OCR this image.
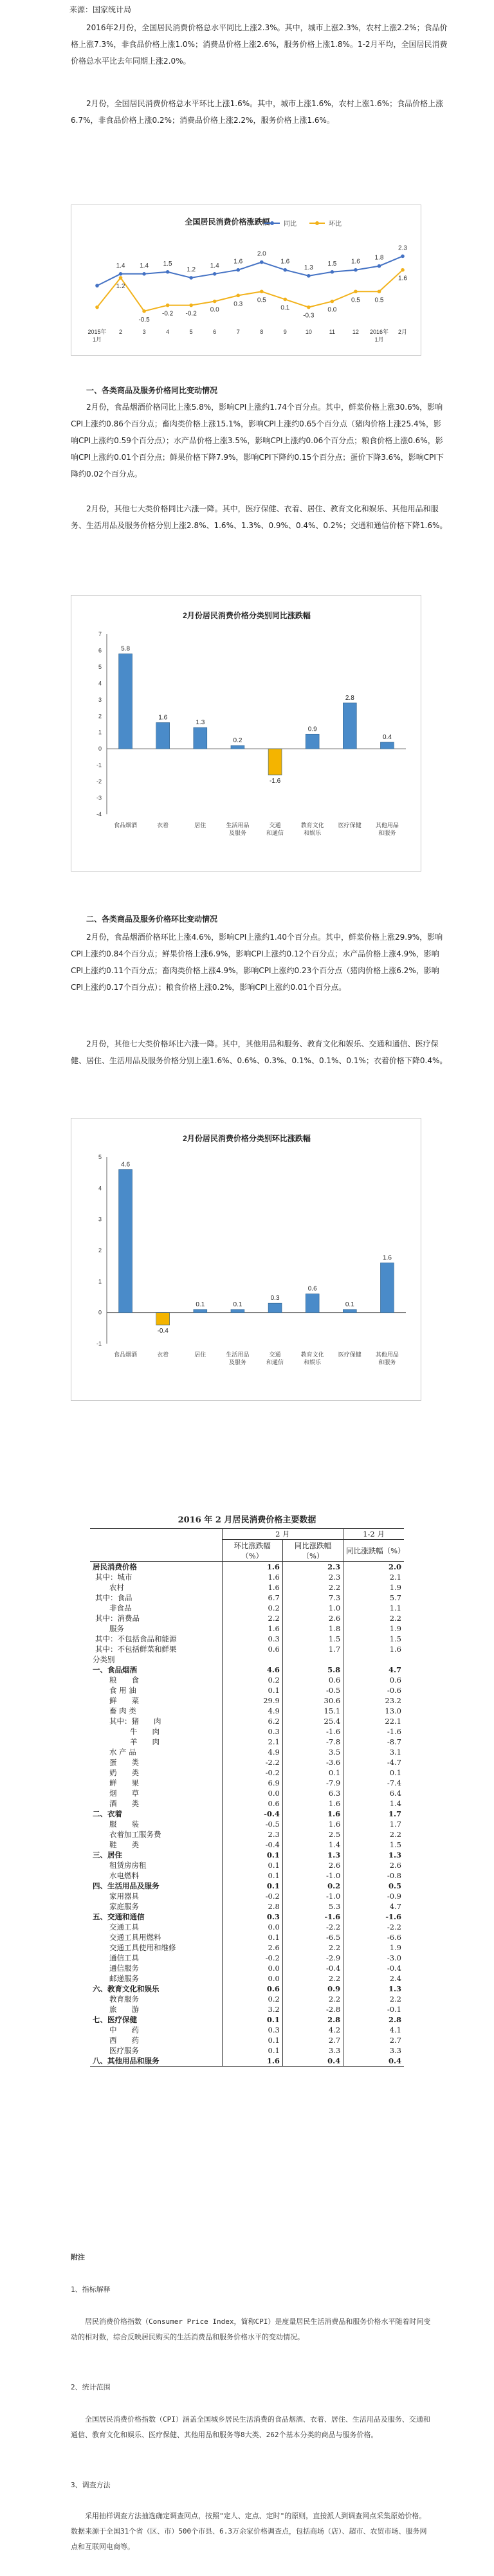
来源：国家统计局

2016年2月份，全国居民消费价格总水平同比上涨2.3%。其中，城市上涨2.3%，农村上涨2.2%；食品价格上涨7.3%，非食品价格上涨1.0%；消费品价格上涨2.6%，服务价格上涨1.8%。1-2月平均，全国居民消费价格总水平比去年同期上涨2.0%。

2月份，全国居民消费价格总水平环比上涨1.6%。其中，城市上涨1.6%，农村上涨1.6%；食品价格上涨6.7%，非食品价格上涨0.2%；消费品价格上涨2.2%，服务价格上涨1.6%。

全国居民消费价格涨跌幅 同比	环比
2015年
1月
2	3	4	5	6	7	8	9	10	11	12 2016年
1月
2月
1.4 1.4 1.5
1.2
1.4
1.6
2.0
1.6
1.3
1.5 1.6
1.8
2.3
1.2
-0.5
-0.2 -0.2
0.0
0.3
0.5
0.1
-0.3
0.0
0.5 0.5
1.6
一、各类商品及服务价格同比变动情况

2月份，食品烟酒价格同比上涨5.8%，影响CPI上涨约1.74个百分点。其中，鲜菜价格上涨30.6%，影响CPI上涨约0.86个百分点；畜肉类价格上涨15.1%，影响CPI上涨约0.65个百分点（猪肉价格上涨25.4%，影响CPI上涨约0.59个百分点）；水产品价格上涨3.5%，影响CPI上涨约0.06个百分点；粮食价格上涨0.6%，影响CPI上涨约0.01个百分点；鲜果价格下降7.9%，影响CPI下降约0.15个百分点；蛋价下降3.6%，影响CPI下降约0.02个百分点。

2月份，其他七大类价格同比六涨一降。其中，医疗保健、衣着、居住、教育文化和娱乐、其他用品和服务、生活用品及服务价格分别上涨2.8%、1.6%、1.3%、0.9%、0.4%、0.2%；交通和通信价格下降1.6%。

2月份居民消费价格分类别同比涨跌幅
-4
-3
-2
-1
0
1
2
3
4
5
6
7
5.8
食品烟酒
1.6
衣着
1.3
居住
0.2
生活用品
及服务
-1.6
交通
和通信
0.9
教育文化
和娱乐
2.8
医疗保健
0.4
其他用品
和服务
二、各类商品及服务价格环比变动情况

2月份，食品烟酒价格环比上涨4.6%，影响CPI上涨约1.40个百分点。其中，鲜菜价格上涨29.9%，影响CPI上涨约0.84个百分点；鲜果价格上涨6.9%，影响CPI上涨约0.12个百分点；水产品价格上涨4.9%，影响CPI上涨约0.11个百分点；畜肉类价格上涨4.9%，影响CPI上涨约0.23个百分点（猪肉价格上涨6.2%，影响CPI上涨约0.17个百分点）；粮食价格上涨0.2%，影响CPI上涨约0.01个百分点。

2月份，其他七大类价格环比六涨一降。其中，其他用品和服务、教育文化和娱乐、交通和通信、医疗保健、居住、生活用品及服务价格分别上涨1.6%、0.6%、0.3%、0.1%、0.1%、0.1%；衣着价格下降0.4%。

2月份居民消费价格分类别环比涨跌幅
-1
0
1
2
3
4
5
4.6
食品烟酒
-0.4
衣着
0.1
居住
0.1
生活用品
及服务
0.3
交通
和通信
0.6
教育文化
和娱乐
0.1
医疗保健
1.6
其他用品
和服务
2016 年 2 月居民消费价格主要数据
	2 月		1-2 月
	环比涨跌幅（%）	同比涨跌幅（%）	同比涨跌幅（%）
居民消费价格	1.6	2.3	2.0
其中：城市	1.6	2.3	2.1
农村	1.6	2.2	1.9
其中：食品	6.7	7.3	5.7
非食品	0.2	1.0	1.1
其中：消费品	2.2	2.6	2.2
服务	1.6	1.8	1.9
其中：不包括食品和能源	0.3	1.5	1.5
其中：不包括鲜菜和鲜果	0.6	1.7	1.6
分类别			
一、食品烟酒	4.6	5.8	4.7
粮　　食	0.2	0.6	0.6
食 用 油	0.1	-0.5	-0.6
鲜　　菜	29.9	30.6	23.2
畜 肉 类	4.9	15.1	13.0
其中：猪　　肉	6.2	25.4	22.1
牛　　肉	0.3	-1.6	-1.6
羊　　肉	2.1	-7.8	-8.7
水 产 品	4.9	3.5	3.1
蛋　　类	-2.2	-3.6	-4.7
奶　　类	-0.2	0.1	0.1
鲜　　果	6.9	-7.9	-7.4
烟　　草	0.0	6.3	6.4
酒　　类	0.6	1.6	1.4
二、衣着	-0.4	1.6	1.7
服　　装	-0.5	1.6	1.7
衣着加工服务费	2.3	2.5	2.2
鞋　　类	-0.4	1.4	1.5
三、居住	0.1	1.3	1.3
租赁房房租	0.1	2.6	2.6
水电燃料	0.1	-1.0	-0.8
四、生活用品及服务	0.1	0.2	0.5
家用器具	-0.2	-1.0	-0.9
家庭服务	2.8	5.3	4.7
五、交通和通信	0.3	-1.6	-1.6
交通工具	0.0	-2.2	-2.2
交通工具用燃料	0.1	-6.5	-6.6
交通工具使用和维修	2.6	2.2	1.9
通信工具	-0.2	-2.9	-3.0
通信服务	0.0	-0.4	-0.4
邮递服务	0.0	2.2	2.4
六、教育文化和娱乐	0.6	0.9	1.3
教育服务	0.2	2.2	2.2
旅　　游	3.2	-2.8	-0.1
七、医疗保健	0.1	2.8	2.8
中　　药	0.3	4.2	4.1
西　　药	0.1	2.7	2.7
医疗服务	0.1	3.3	3.3
八、其他用品和服务	1.6	0.4	0.4
附注
1、指标解释

居民消费价格指数（Consumer Price Index，简称CPI）是度量居民生活消费品和服务价格水平随着时间变动的相对数，综合反映居民购买的生活消费品和服务价格水平的变动情况。

2、统计范围

全国居民消费价格指数（CPI）涵盖全国城乡居民生活消费的食品烟酒、衣着、居住、生活用品及服务、交通和通信、教育文化和娱乐、医疗保健、其他用品和服务等8大类、262个基本分类的商品与服务价格。

3、调查方法

采用抽样调查方法抽选确定调查网点，按照"定人、定点、定时"的原则，直接派人到调查网点采集原始价格。数据来源于全国31个省（区、市）500个市县、6.3万余家价格调查点，包括商场（店）、超市、农贸市场、服务网点和互联网电商等。
